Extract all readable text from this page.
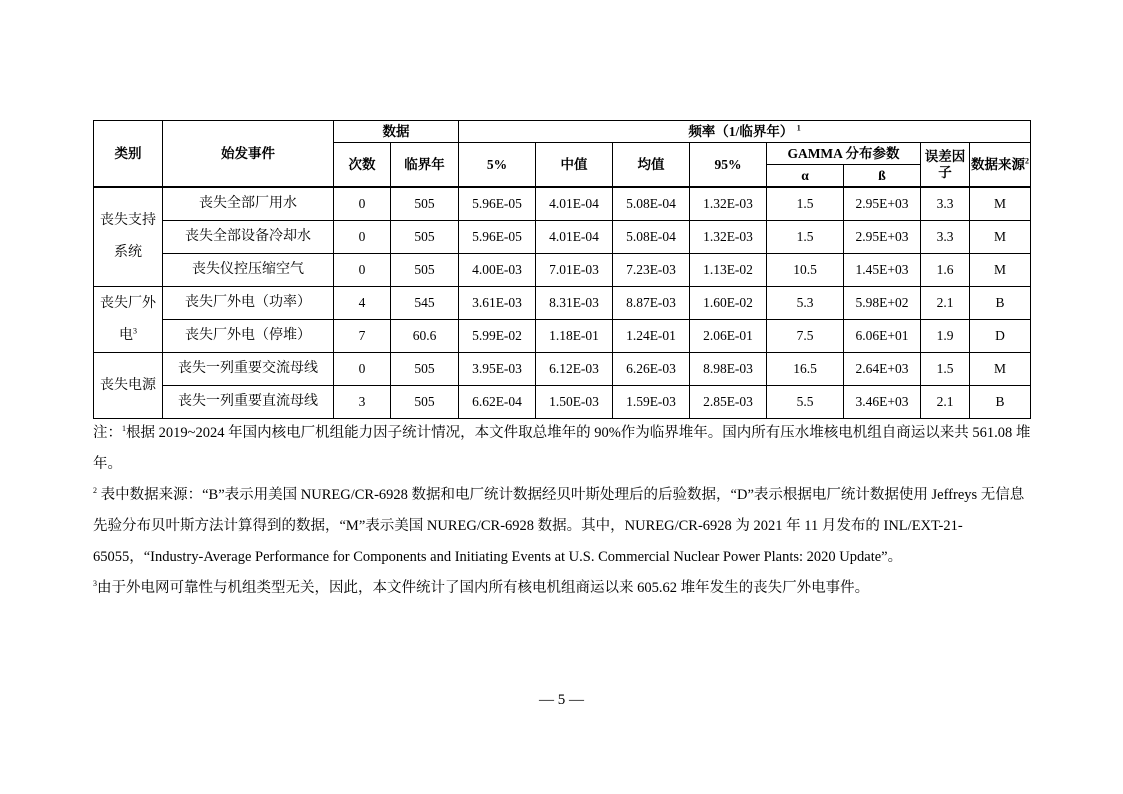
类别	始发事件	数据		频率（1/临界年） $^1$
		次数	临界年	5%	中值	均值	95%	GAMMA 分布参数		误差因子	数据来源$^2$
								α	ß		
丧失支持系统	丧失全部厂用水	0	505	5.96E-05	4.01E-04	5.08E-04	1.32E-03	1.5	2.95E+03	3.3	M
	丧失全部设备冷却水	0	505	5.96E-05	4.01E-04	5.08E-04	1.32E-03	1.5	2.95E+03	3.3	M
	丧失仪控压缩空气	0	505	4.00E-03	7.01E-03	7.23E-03	1.13E-02	10.5	1.45E+03	1.6	M
丧失厂外电$^3$	丧失厂外电（功率）	4	545	3.61E-03	8.31E-03	8.87E-03	1.60E-02	5.3	5.98E+02	2.1	B
	丧失厂外电（停堆）	7	60.6	5.99E-02	1.18E-01	1.24E-01	2.06E-01	7.5	6.06E+01	1.9	D
丧失电源	丧失一列重要交流母线	0	505	3.95E-03	6.12E-03	6.26E-03	8.98E-03	16.5	2.64E+03	1.5	M
	丧失一列重要直流母线	3	505	6.62E-04	1.50E-03	1.59E-03	2.85E-03	5.5	3.46E+03	2.1	B

注：$^1$根据 2019~2024 年国内核电厂机组能力因子统计情况，本文件取总堆年的 90%作为临界堆年。国内所有压水堆核电机组自商运以来共 561.08 堆年。

$^2$ 表中数据来源：“B”表示用美国 NUREG/CR-6928 数据和电厂统计数据经贝叶斯处理后的后验数据，“D”表示根据电厂统计数据使用 Jeffreys 无信息先验分布贝叶斯方法计算得到的数据，“M”表示美国 NUREG/CR-6928 数据。其中，NUREG/CR-6928 为 2021 年 11 月发布的 INL/EXT-21-65055，“Industry-Average Performance for Components and Initiating Events at U.S. Commercial Nuclear Power Plants: 2020 Update”。

$^3$由于外电网可靠性与机组类型无关，因此，本文件统计了国内所有核电机组商运以来 605.62 堆年发生的丧失厂外电事件。

— 5 —
